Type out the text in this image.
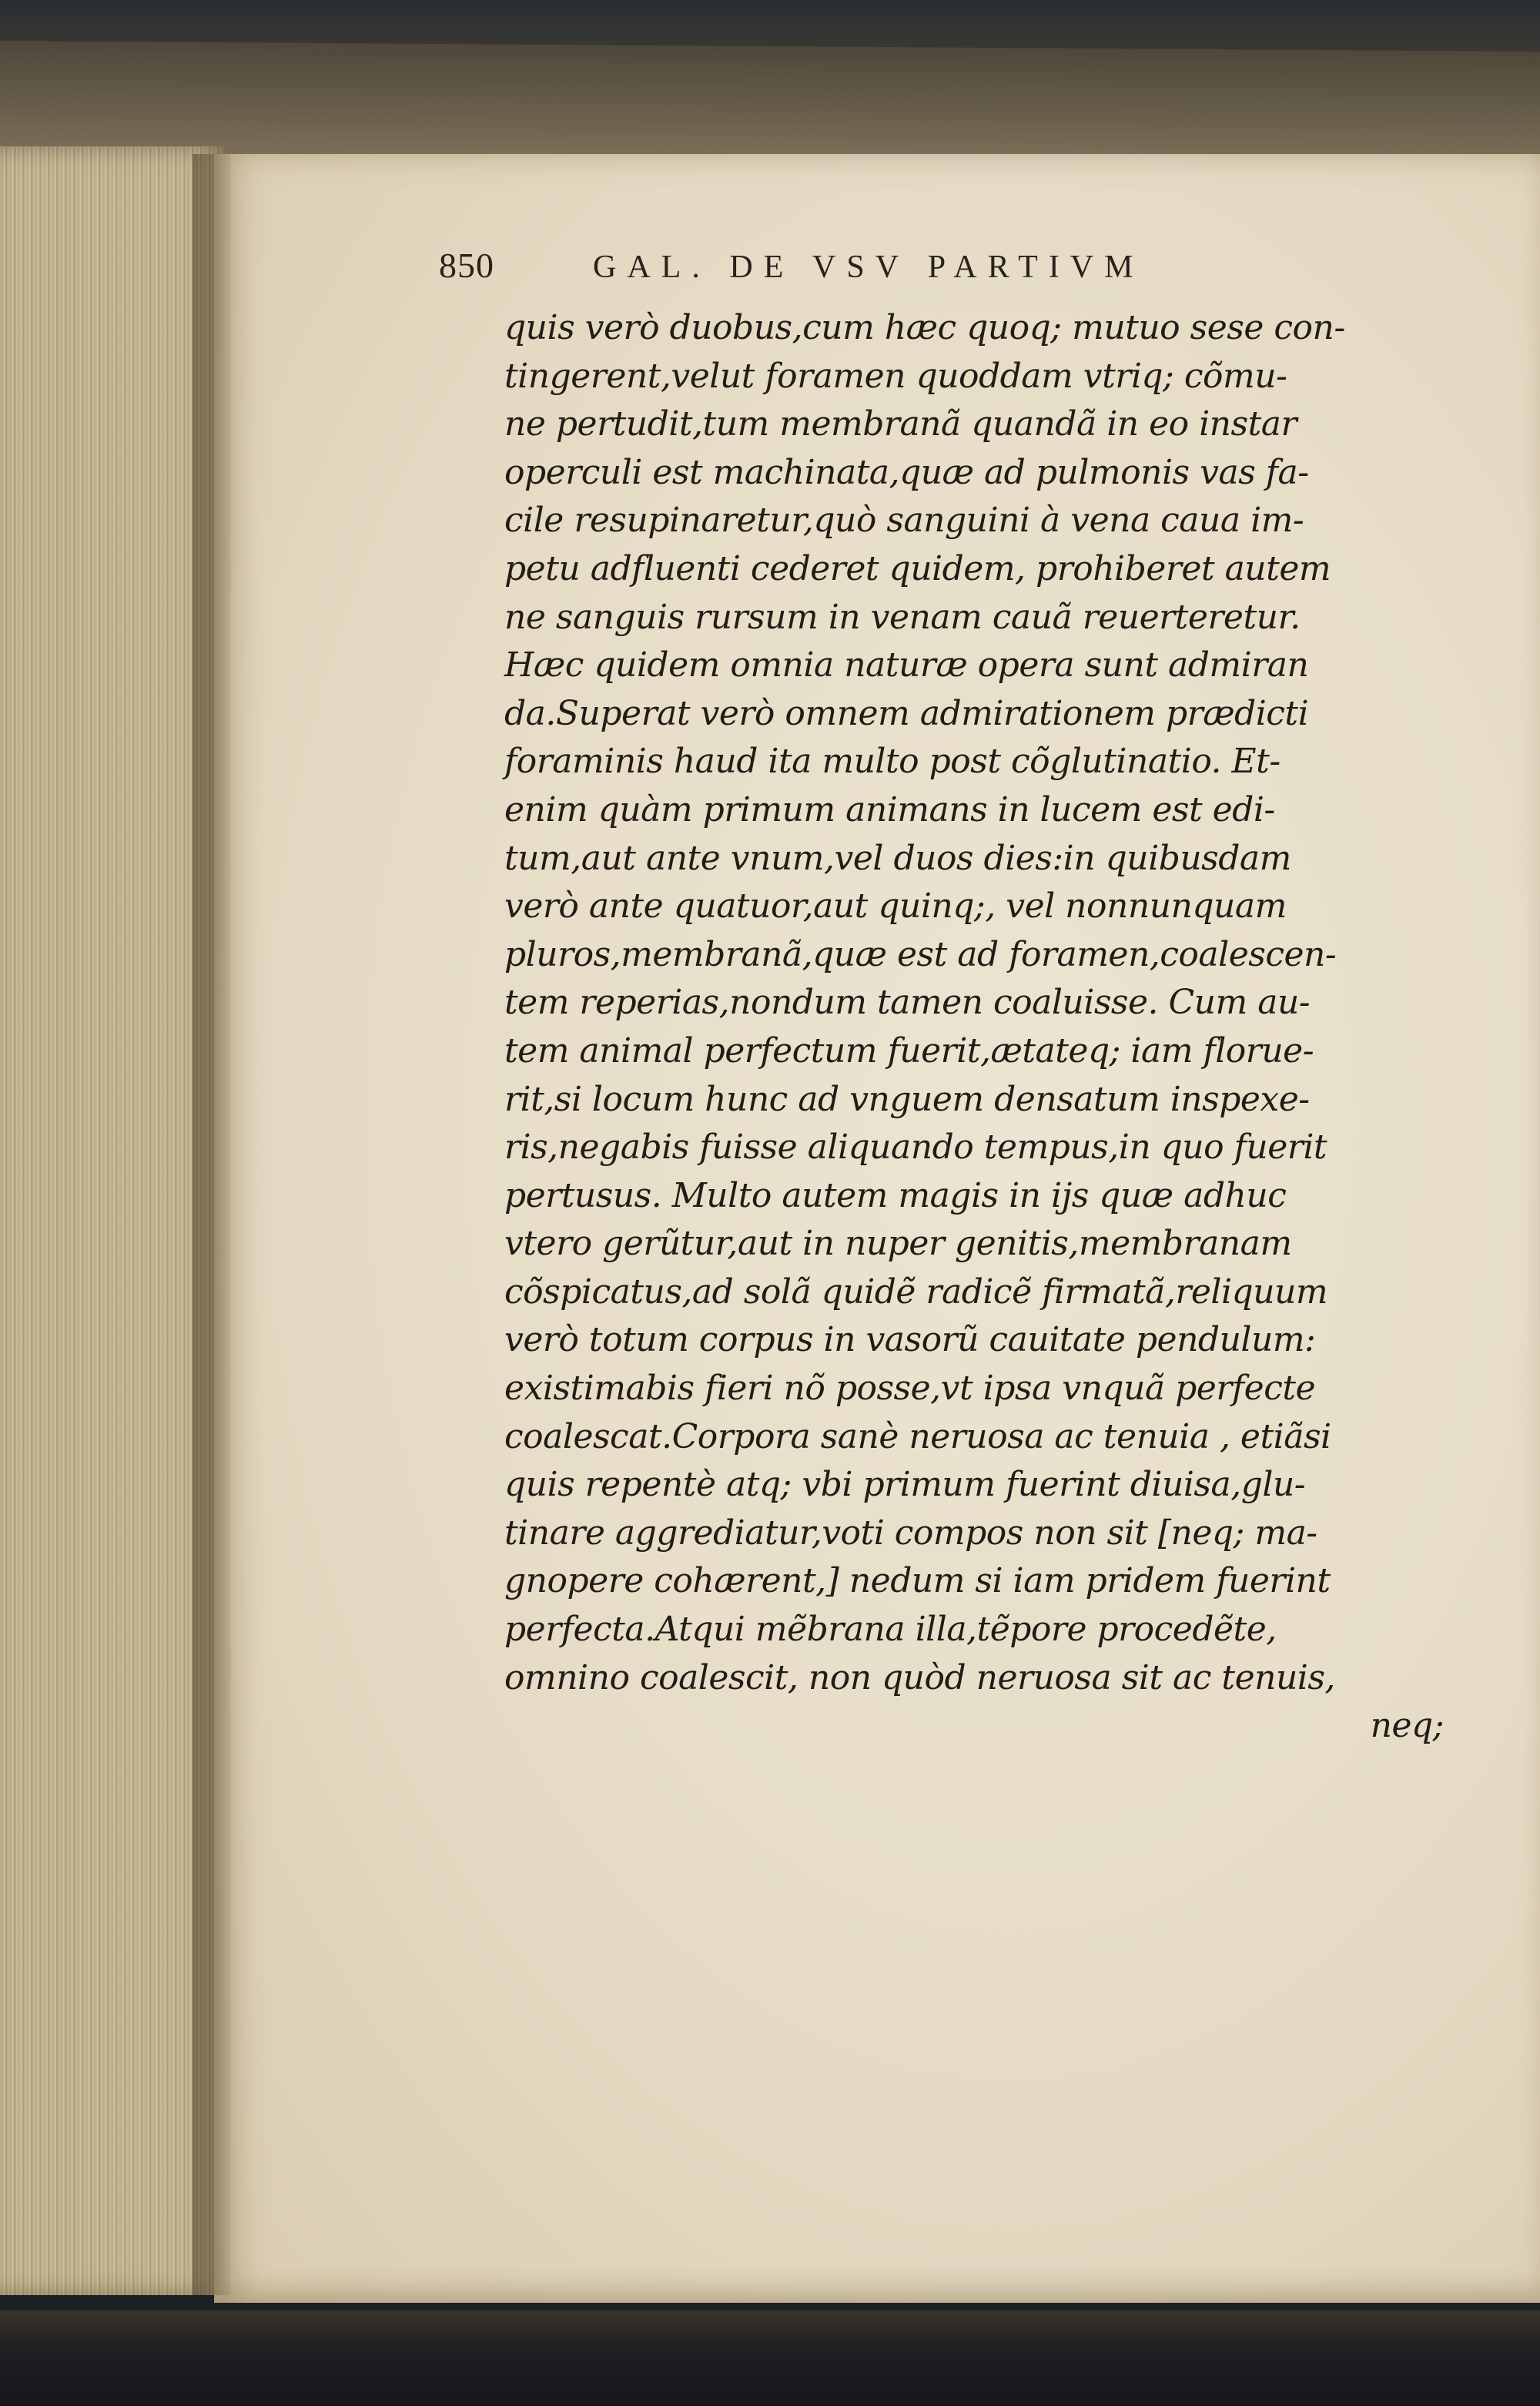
850	GAL. DE VSV PARTIVM
quis verò duobus,cum hæc quoq; mutuo sese con-
tingerent,velut foramen quoddam vtriq; cõmu-
ne pertudit,tum membranã quandã in eo instar
operculi est machinata,quæ ad pulmonis vas fa-
cile resupinaretur,quò sanguini à vena caua im-
petu adfluenti cederet quidem, prohiberet autem
ne sanguis rursum in venam cauã reuerteretur.
Hæc quidem omnia naturæ opera sunt admiran
da.Superat verò omnem admirationem prædicti
foraminis haud ita multo post cõglutinatio. Et-
enim quàm primum animans in lucem est edi-
tum,aut ante vnum,vel duos dies:in quibusdam
verò ante quatuor,aut quinq;, vel nonnunquam
pluros,membranã,quæ est ad foramen,coalescen-
tem reperias,nondum tamen coaluisse. Cum au-
tem animal perfectum fuerit,ætateq; iam florue-
rit,si locum hunc ad vnguem densatum inspexe-
ris,negabis fuisse aliquando tempus,in quo fuerit
pertusus. Multo autem magis in ijs quæ adhuc
vtero gerũtur,aut in nuper genitis,membranam
cõspicatus,ad solã quidẽ radicẽ firmatã,reliquum
verò totum corpus in vasorũ cauitate pendulum:
existimabis fieri nõ posse,vt ipsa vnquã perfecte
coalescat.Corpora sanè neruosa ac tenuia , etiãsi
quis repentè atq; vbi primum fuerint diuisa,glu-
tinare aggrediatur,voti compos non sit [neq; ma-
gnopere cohærent,] nedum si iam pridem fuerint
perfecta.Atqui mẽbrana illa,tẽpore procedẽte,
omnino coalescit, non quòd neruosa sit ac tenuis,
neq;
